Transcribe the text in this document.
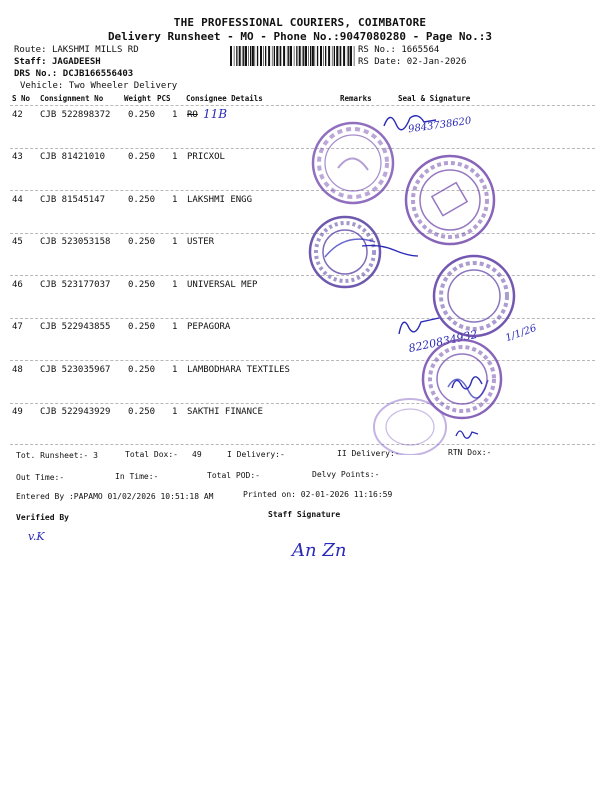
THE PROFESSIONAL COURIERS, COIMBATORE
Delivery Runsheet - MO - Phone No.:9047080280 - Page No.:3
Route: LAKSHMI MILLS RD
Staff: JAGADEESH
DRS No.: DCJB166556403
Vehicle: Two Wheeler Delivery
RS No.: 1665564
RS Date: 02-Jan-2026
S No Consignment No	Weight PCS Consignee Details	Remarks	Seal & Signature
42 CJB 522898372 0.250 1 RO 11B
43 CJB 81421010	0.250 1 PRICXOL
44 CJB 81545147	0.250 1 LAKSHMI ENGG
45 CJB 523053158 0.250 1 USTER
46 CJB 523177037 0.250 1 UNIVERSAL MEP
47 CJB 522943855 0.250 1 PEPAGORA
48 CJB 523035967 0.250 1 LAMBODHARA TEXTILES
49 CJB 522943929 0.250 1 SAKTHI FINANCE
Tot. Runsheet:- 3	Total Dox:- 49	I Delivery:-	II Delivery:-	RTN Dox:-
Out Time:-	In Time:-	Total POD:-	Delvy Points:-
Entered By :PAPAMO 01/02/2026 10:51:18 AM	Printed on: 02-01-2026 11:16:59
Verified By	Staff Signature
9843738620
8220834932	1/1/26
v.K
An Zn
